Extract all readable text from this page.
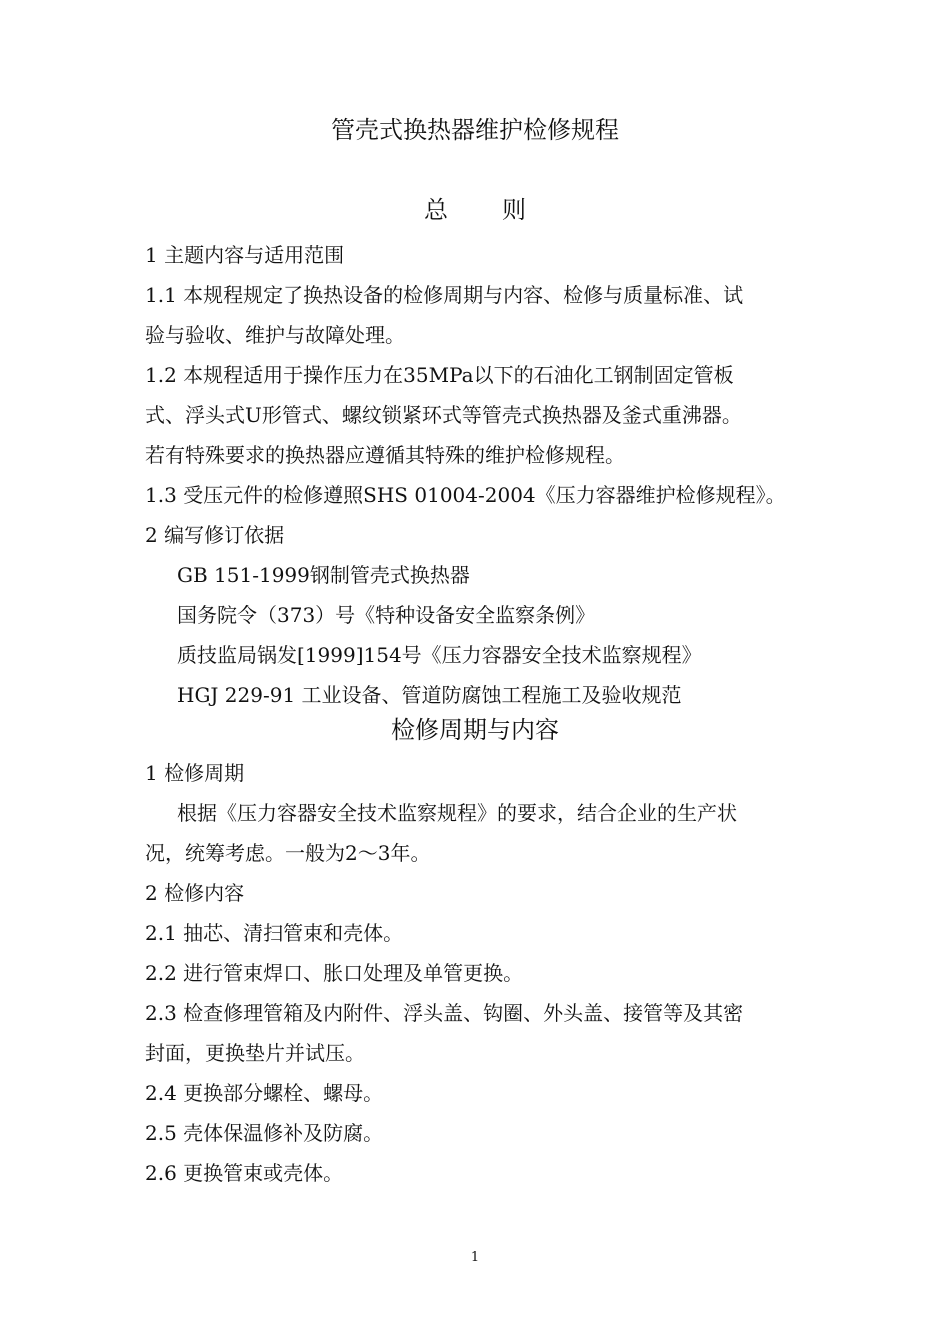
管壳式换热器维护检修规程
总 则
1 主题内容与适用范围
1.1 本规程规定了换热设备的检修周期与内容、检修与质量标准、试
验与验收、维护与故障处理。
1.2 本规程适用于操作压力在35MPa以下的石油化工钢制固定管板
式、浮头式U形管式、螺纹锁紧环式等管壳式换热器及釜式重沸器。
若有特殊要求的换热器应遵循其特殊的维护检修规程。
1.3 受压元件的检修遵照SHS 01004-2004《压力容器维护检修规程》。
2 编写修订依据
GB 151-1999钢制管壳式换热器
国务院令（373）号《特种设备安全监察条例》
质技监局锅发[1999]154号《压力容器安全技术监察规程》
HGJ 229-91 工业设备、管道防腐蚀工程施工及验收规范
检修周期与内容
1 检修周期
根据《压力容器安全技术监察规程》的要求，结合企业的生产状
况，统筹考虑。一般为2～3年。
2 检修内容
2.1 抽芯、清扫管束和壳体。
2.2 进行管束焊口、胀口处理及单管更换。
2.3 检查修理管箱及内附件、浮头盖、钩圈、外头盖、接管等及其密
封面，更换垫片并试压。
2.4 更换部分螺栓、螺母。
2.5 壳体保温修补及防腐。
2.6 更换管束或壳体。
1
